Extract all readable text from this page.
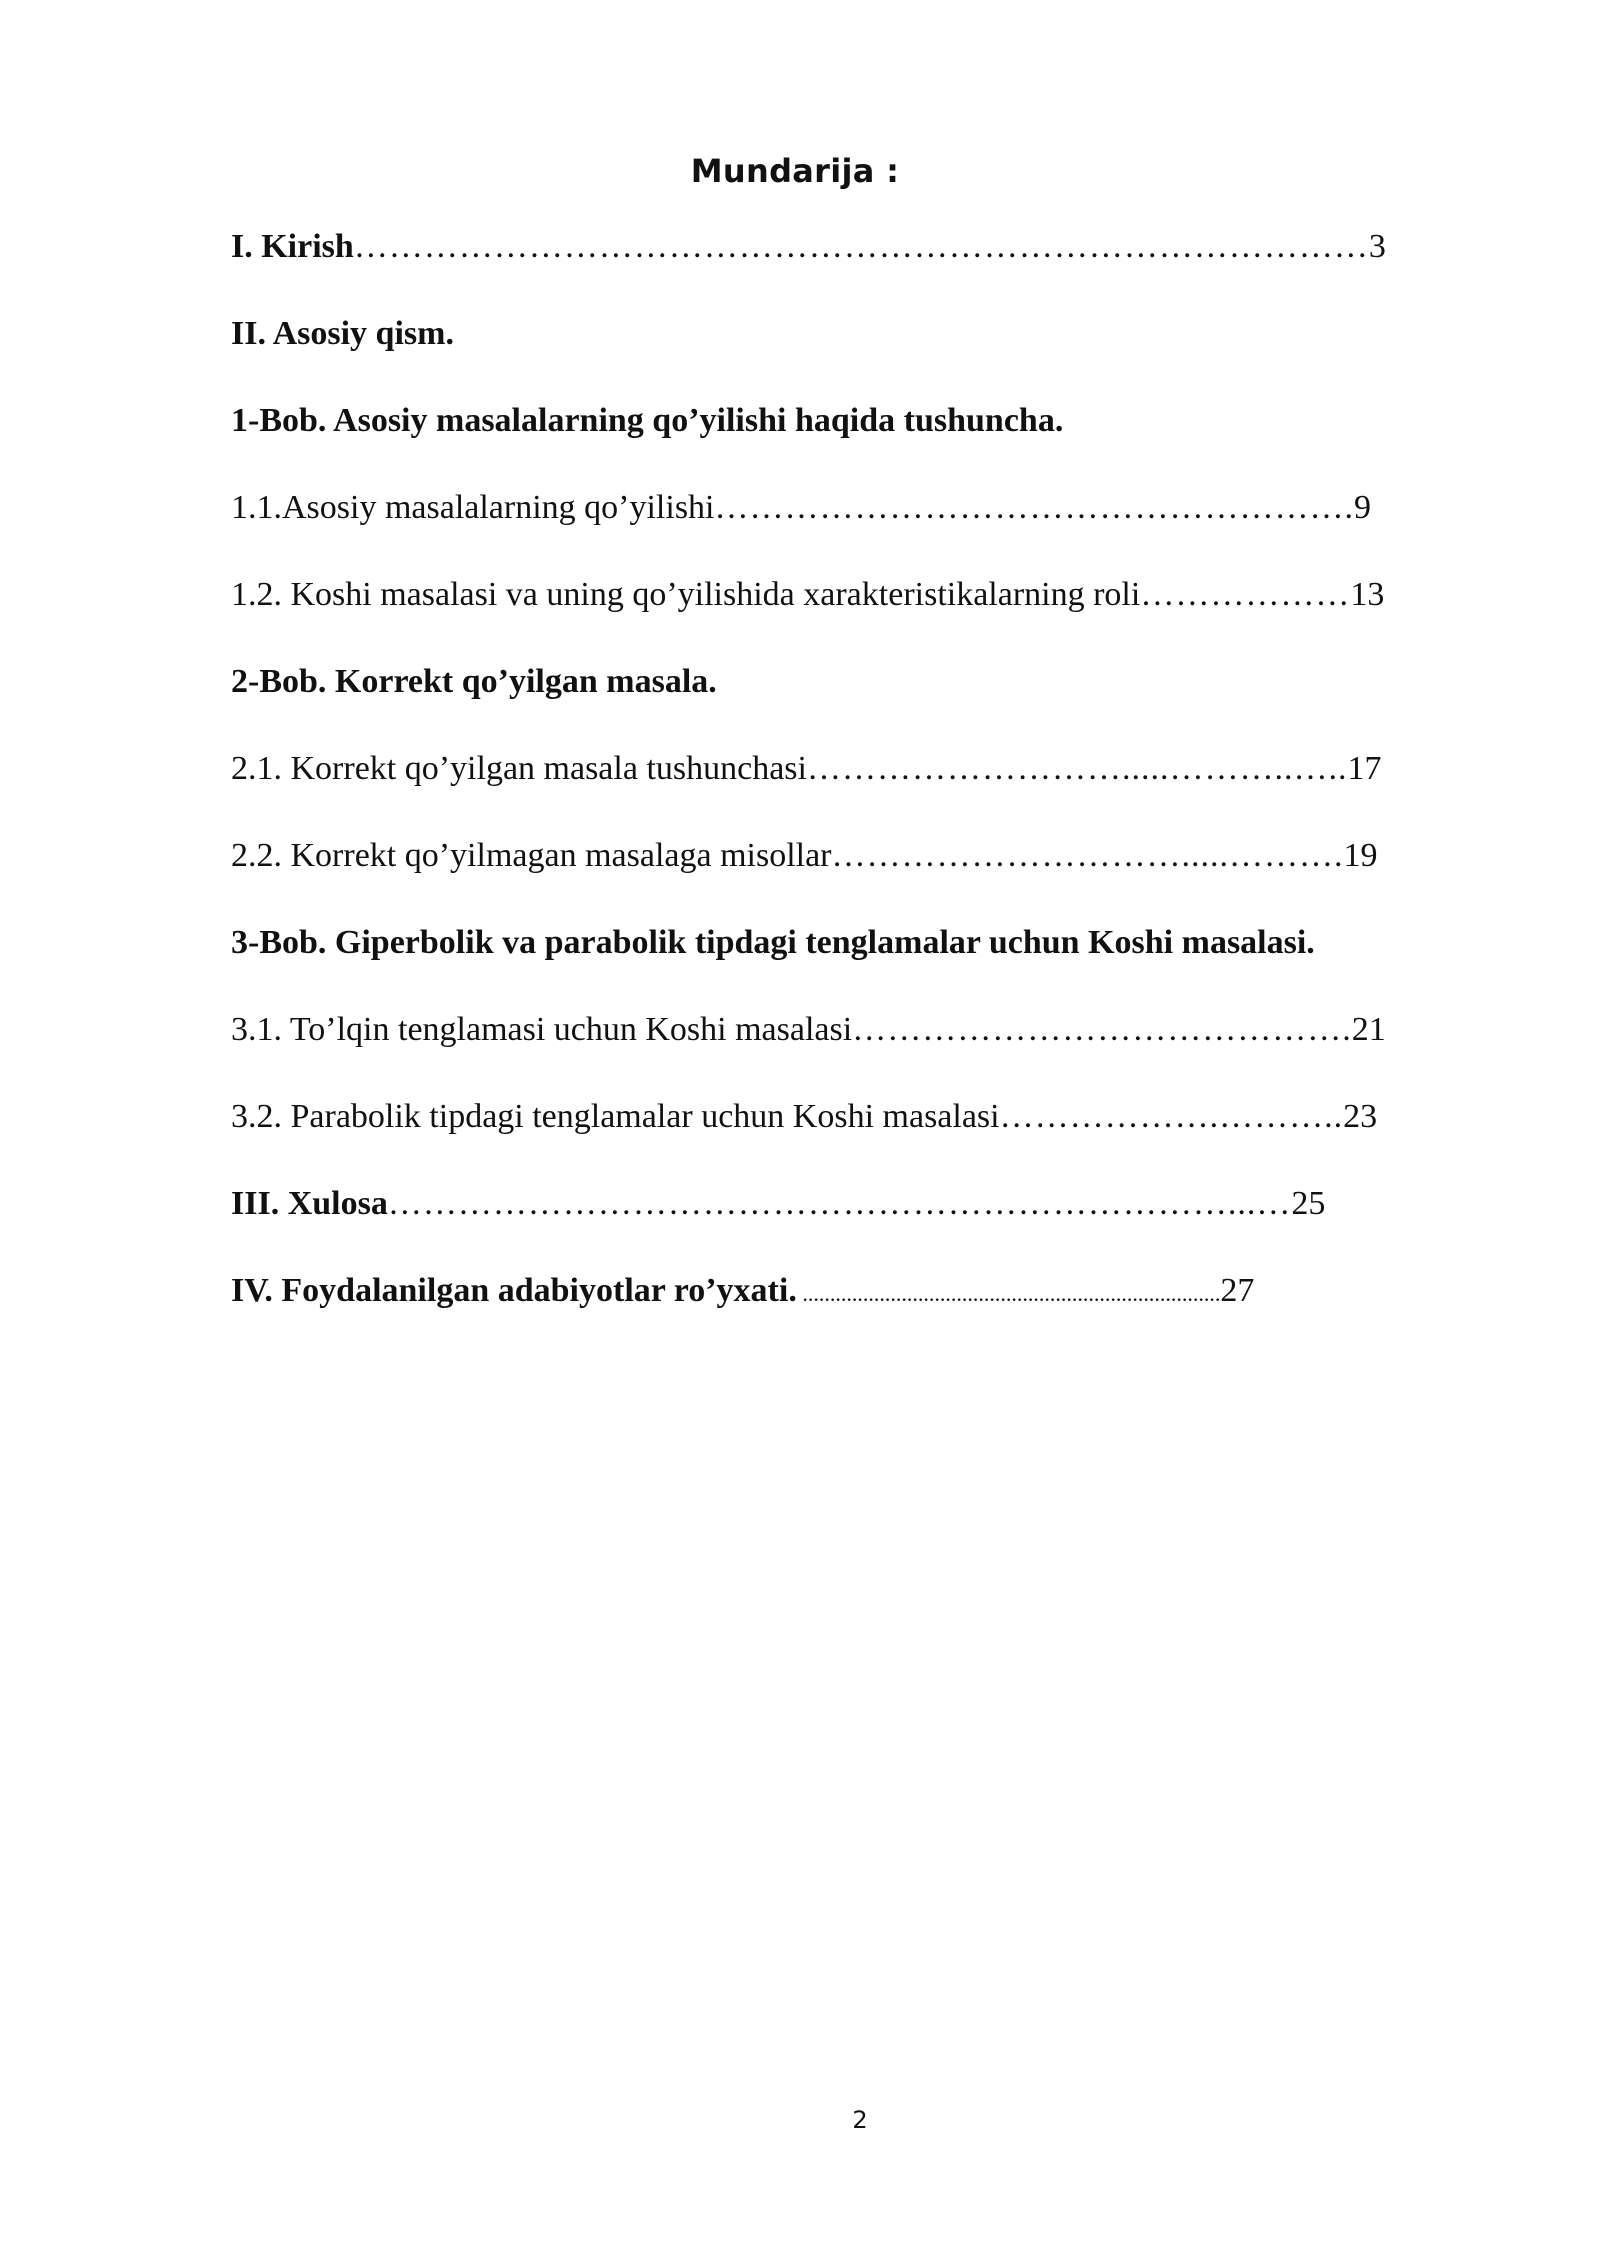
Mundarija :
I. Kirish……………………………………………………………………………3
II. Asosiy qism.
1-Bob. Asosiy masalalarning qo’yilishi haqida tushuncha.
1.1.Asosiy masalalarning qo’yilishi……………………………………………….9
1.2. Koshi masalasi va uning qo’yilishida xarakteristikalarning roli………………13
2-Bob. Korrekt qo’yilgan masala.
2.1. Korrekt qo’yilgan masala tushunchasi……………………….....………..…..17
2.2. Korrekt qo’yilmagan masalaga misollar………………………….....……….19
3-Bob. Giperbolik va parabolik tipdagi tenglamalar uchun Koshi masalasi.
3.1. To’lqin tenglamasi uchun Koshi masalasi…………………………………….21
3.2. Parabolik tipdagi tenglamalar uchun Koshi masalasi……………….………..23
III. Xulosa………………………………………………………………...…25
IV. Foydalanilgan adabiyotlar ro’yxati. ............................................................................27
2
